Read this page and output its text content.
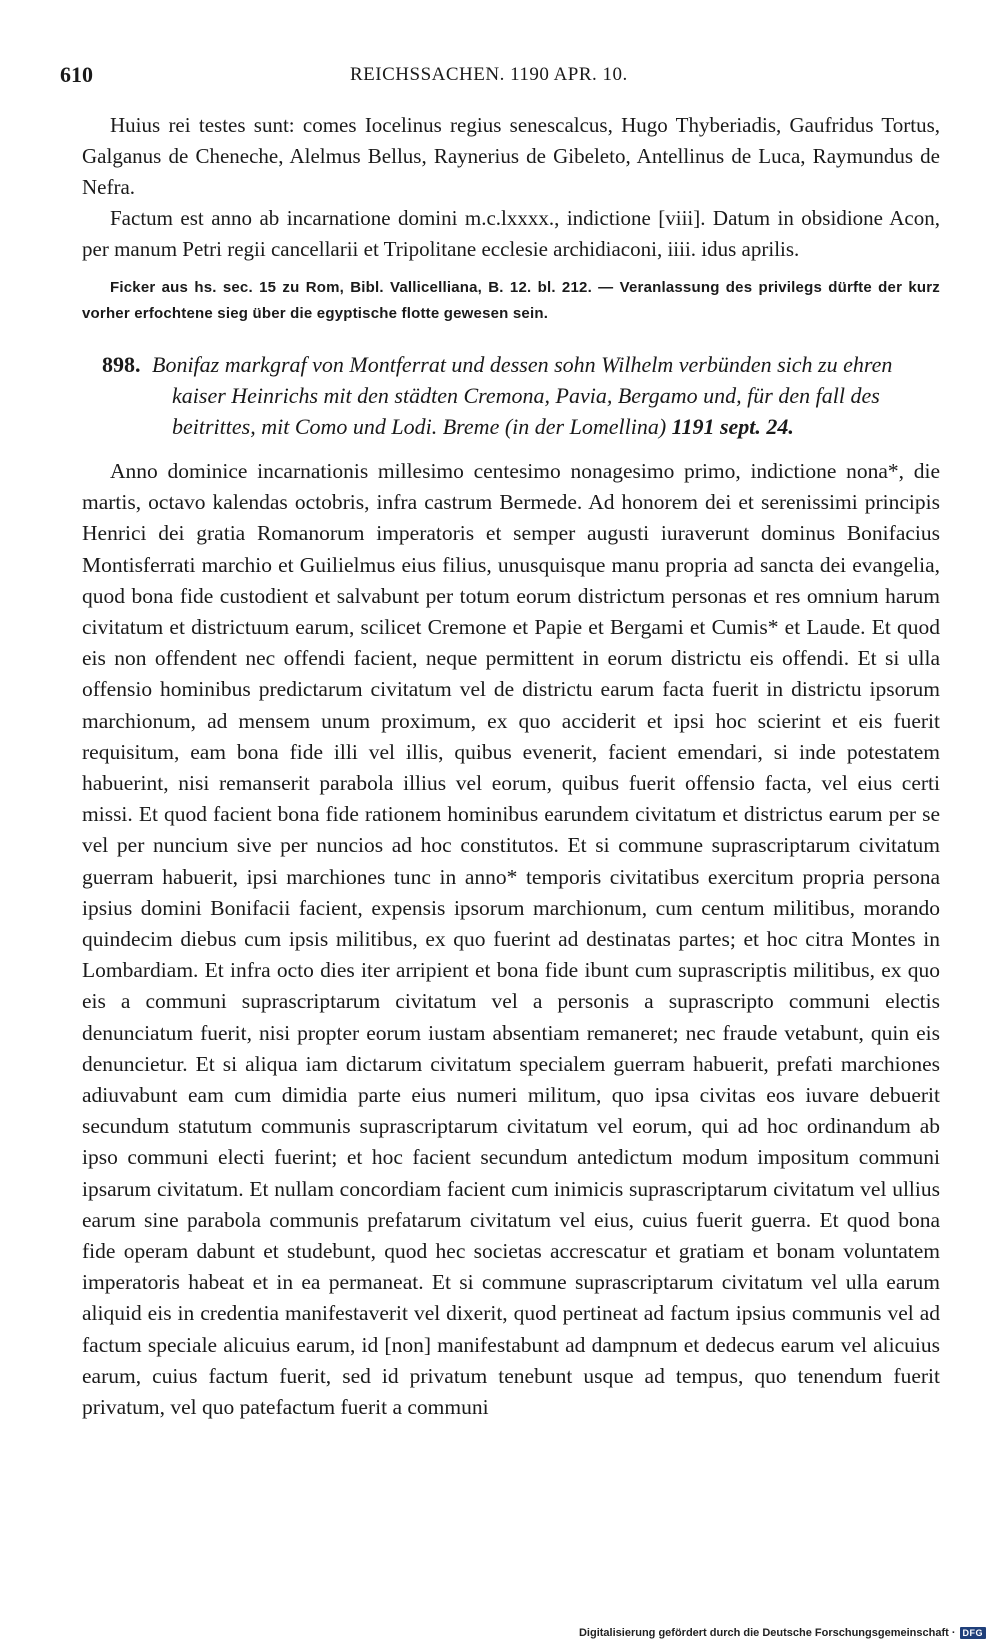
610	REICHSSACHEN. 1190 APR. 10.

Huius rei testes sunt: comes Iocelinus regius senescalcus, Hugo Thyberiadis, Gaufridus Tortus, Galganus de Cheneche, Alelmus Bellus, Raynerius de Gibeleto, Antellinus de Luca, Raymundus de Nefra.

Factum est anno ab incarnatione domini m.c.lxxxx., indictione [viii]. Datum in obsidione Acon, per manum Petri regii cancellarii et Tripolitane ecclesie archidiaconi, iiii. idus aprilis.

Ficker aus hs. sec. 15 zu Rom, Bibl. Vallicelliana, B. 12. bl. 212. — Veranlassung des privilegs dürfte der kurz vorher erfochtene sieg über die egyptische flotte gewesen sein.

898. Bonifaz markgraf von Montferrat und dessen sohn Wilhelm verbünden sich zu ehren kaiser Heinrichs mit den städten Cremona, Pavia, Bergamo und, für den fall des beitrittes, mit Como und Lodi. Breme (in der Lomellina) 1191 sept. 24.

Anno dominice incarnationis millesimo centesimo nonagesimo primo, indictione nona*, die martis, octavo kalendas octobris, infra castrum Bermede. Ad honorem dei et serenissimi principis Henrici dei gratia Romanorum imperatoris et semper augusti iuraverunt dominus Bonifacius Montisferrati marchio et Guilielmus eius filius, unusquisque manu propria ad sancta dei evangelia, quod bona fide custodient et salvabunt per totum eorum districtum personas et res omnium harum civitatum et districtuum earum, scilicet Cremone et Papie et Bergami et Cumis* et Laude. Et quod eis non offendent nec offendi facient, neque permittent in eorum districtu eis offendi. Et si ulla offensio hominibus predictarum civitatum vel de districtu earum facta fuerit in districtu ipsorum marchionum, ad mensem unum proximum, ex quo acciderit et ipsi hoc scierint et eis fuerit requisitum, eam bona fide illi vel illis, quibus evenerit, facient emendari, si inde potestatem habuerint, nisi remanserit parabola illius vel eorum, quibus fuerit offensio facta, vel eius certi missi. Et quod facient bona fide rationem hominibus earundem civitatum et districtus earum per se vel per nuncium sive per nuncios ad hoc constitutos. Et si commune suprascriptarum civitatum guerram habuerit, ipsi marchiones tunc in anno* temporis civitatibus exercitum propria persona ipsius domini Bonifacii facient, expensis ipsorum marchionum, cum centum militibus, morando quindecim diebus cum ipsis militibus, ex quo fuerint ad destinatas partes; et hoc citra Montes in Lombardiam. Et infra octo dies iter arripient et bona fide ibunt cum suprascriptis militibus, ex quo eis a communi suprascriptarum civitatum vel a personis a suprascripto communi electis denunciatum fuerit, nisi propter eorum iustam absentiam remaneret; nec fraude vetabunt, quin eis denuncietur. Et si aliqua iam dictarum civitatum specialem guerram habuerit, prefati marchiones adiuvabunt eam cum dimidia parte eius numeri militum, quo ipsa civitas eos iuvare debuerit secundum statutum communis suprascriptarum civitatum vel eorum, qui ad hoc ordinandum ab ipso communi electi fuerint; et hoc facient secundum antedictum modum impositum communi ipsarum civitatum. Et nullam concordiam facient cum inimicis suprascriptarum civitatum vel ullius earum sine parabola communis prefatarum civitatum vel eius, cuius fuerit guerra. Et quod bona fide operam dabunt et studebunt, quod hec societas accrescatur et gratiam et bonam voluntatem imperatoris habeat et in ea permaneat. Et si commune suprascriptarum civitatum vel ulla earum aliquid eis in credentia manifestaverit vel dixerit, quod pertineat ad factum ipsius communis vel ad factum speciale alicuius earum, id [non] manifestabunt ad dampnum et dedecus earum vel alicuius earum, cuius factum fuerit, sed id privatum tenebunt usque ad tempus, quo tenendum fuerit privatum, vel quo patefactum fuerit a communi

Digitalisierung gefördert durch die Deutsche Forschungsgemeinschaft · DFG
